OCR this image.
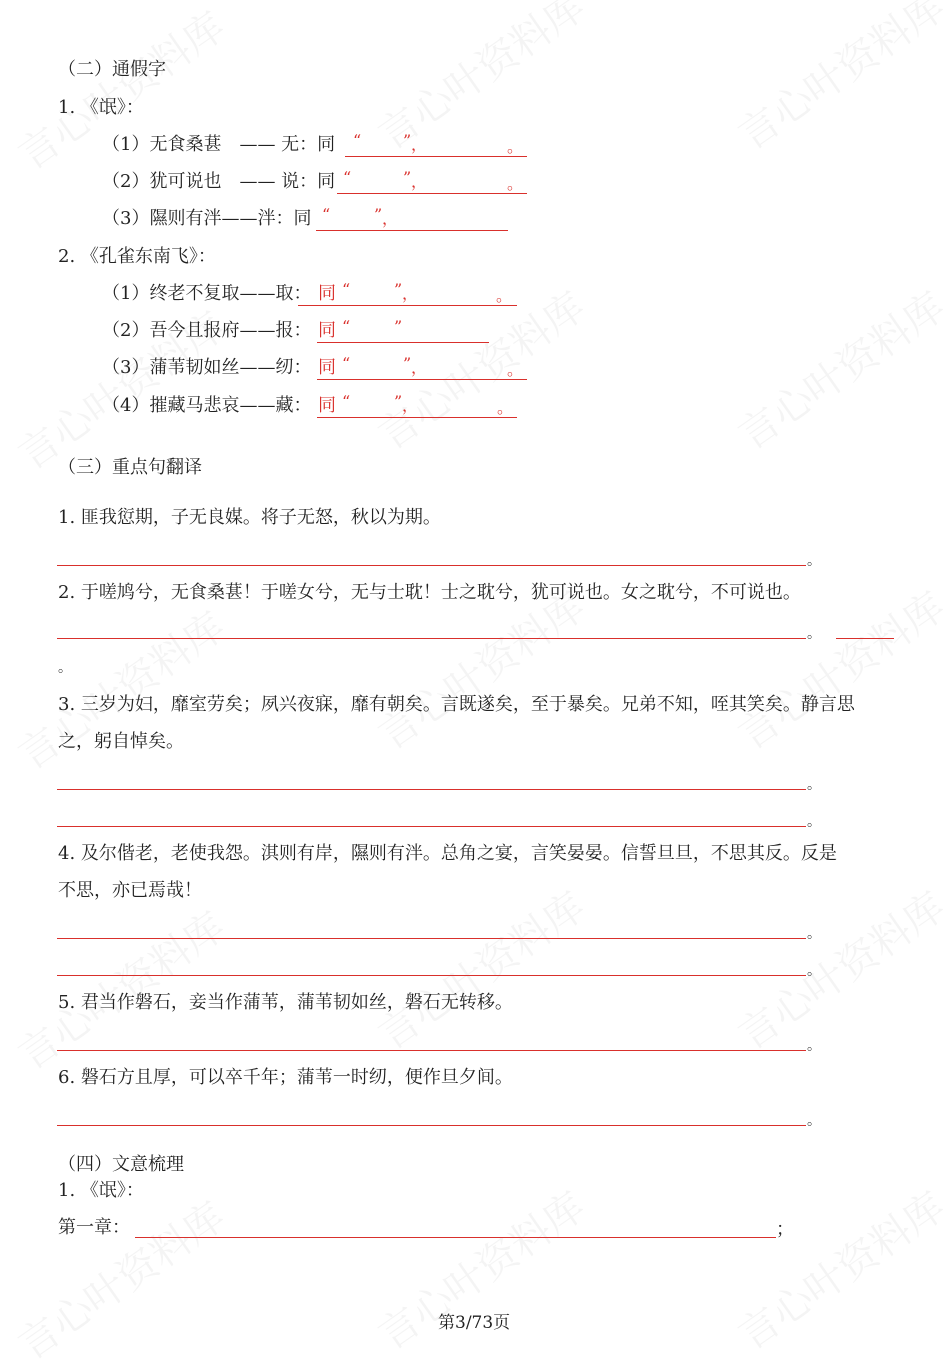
（二）通假字
1. 《氓》：
（1）无食桑葚　—— 无：同 “	” ，	。
（2）犹可说也　—— 说：同 “	” ，	。
（3）隰则有泮——泮：同 “	” ，
2. 《孔雀东南飞》：
（1）终老不复取——取： 同 “	” ，	。
（2）吾今且报府——报： 同 “	”
（3）蒲苇韧如丝——纫： 同 “	” ，	。
（4）摧藏马悲哀——藏： 同 “	” ，	。
（三）重点句翻译
1. 匪我愆期，子无良媒。将子无怒，秋以为期。
。
2. 于嗟鸠兮，无食桑葚！于嗟女兮，无与士耽！士之耽兮，犹可说也。女之耽兮，不可说也。
。
。
3. 三岁为妇，靡室劳矣；夙兴夜寐，靡有朝矣。言既遂矣，至于暴矣。兄弟不知，咥其笑矣。静言思
之，躬自悼矣。
。
。
4. 及尔偕老，老使我怨。淇则有岸，隰则有泮。总角之宴，言笑晏晏。信誓旦旦，不思其反。反是
不思，亦已焉哉！
。
。
5. 君当作磐石，妾当作蒲苇，蒲苇韧如丝，磐石无转移。
。
6. 磐石方且厚，可以卒千年；蒲苇一时纫，便作旦夕间。
。
（四）文意梳理
1. 《氓》：
第一章：	；
第3/73页
